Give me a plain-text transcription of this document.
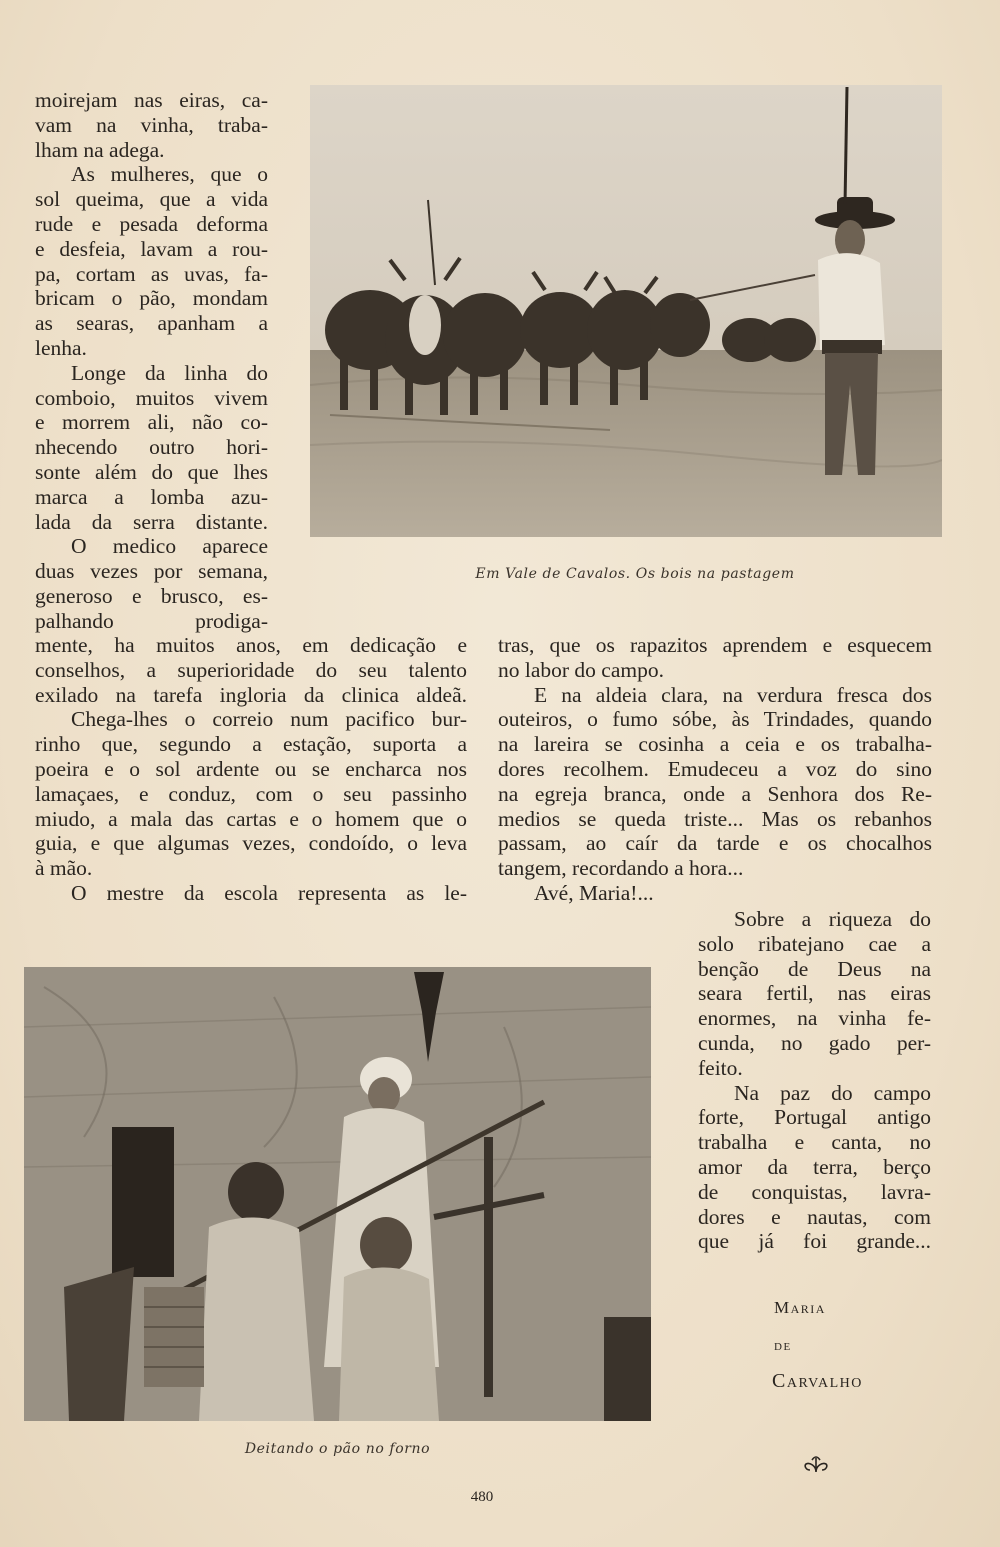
moirejam nas eiras, ca-

vam na vinha, traba-

lham na adega.

As mulheres, que o

sol queima, que a vida

rude e pesada deforma

e desfeia, lavam a rou-

pa, cortam as uvas, fa-

bricam o pão, mondam

as searas, apanham a

lenha.

Longe da linha do

comboio, muitos vivem

e morrem ali, não co-

nhecendo outro hori-

sonte além do que lhes

marca a lomba azu-

lada da serra distante.

O medico aparece

duas vezes por semana,

generoso e brusco, es-

palhando prodiga-

Em Vale de Cavalos. Os bois na pastagem

mente, ha muitos anos, em dedicação e

conselhos, a superioridade do seu talento

exilado na tarefa ingloria da clinica aldeã.

Chega-lhes o correio num pacifico bur-

rinho que, segundo a estação, suporta a

poeira e o sol ardente ou se encharca nos

lamaçaes, e conduz, com o seu passinho

miudo, a mala das cartas e o homem que o

guia, e que algumas vezes, condoído, o leva

à mão.

O mestre da escola representa as le-

tras, que os rapazitos aprendem e esquecem

no labor do campo.

E na aldeia clara, na verdura fresca dos

outeiros, o fumo sóbe, às Trindades, quando

na lareira se cosinha a ceia e os trabalha-

dores recolhem. Emudeceu a voz do sino

na egreja branca, onde a Senhora dos Re-

medios se queda triste... Mas os rebanhos

passam, ao caír da tarde e os chocalhos

tangem, recordando a hora...

Avé, Maria!...

Sobre a riqueza do

solo ribatejano cae a

benção de Deus na

seara fertil, nas eiras

enormes, na vinha fe-

cunda, no gado per-

feito.

Na paz do campo

forte, Portugal antigo

trabalha e canta, no

amor da terra, berço

de conquistas, lavra-

dores e nautas, com

que já foi grande...

Deitando o pão no forno
Maria
de
Carvalho
480
